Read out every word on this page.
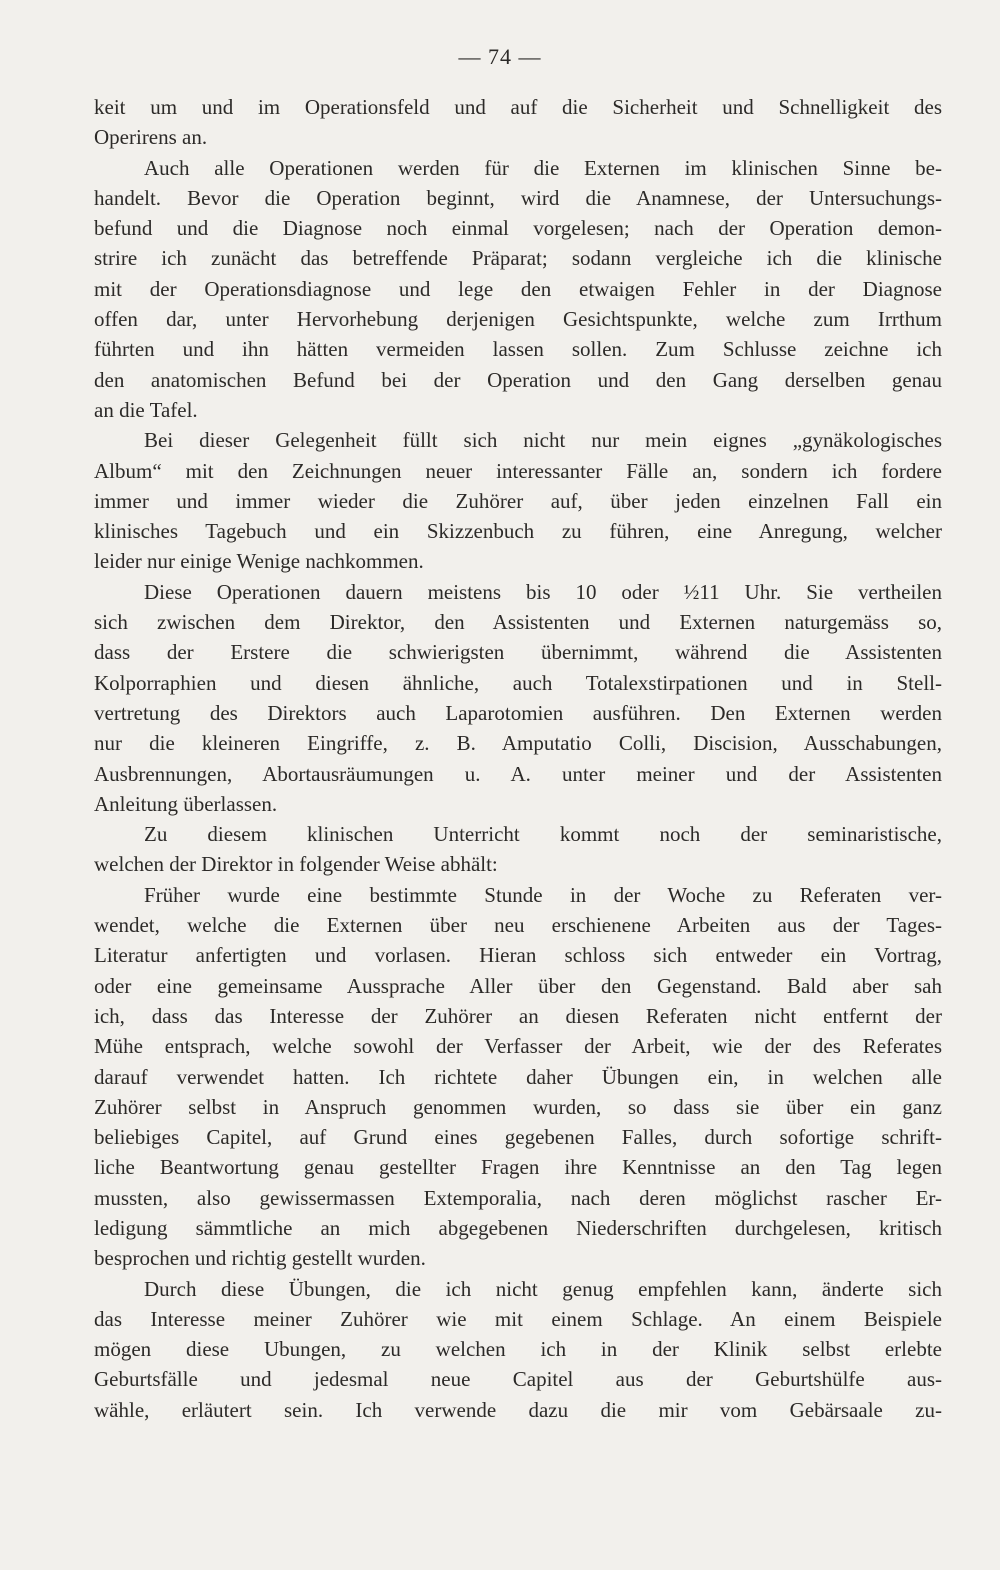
— 74 —
keit um und im Operationsfeld und auf die Sicherheit und Schnelligkeit des
Operirens an.
Auch alle Operationen werden für die Externen im klinischen Sinne be-
handelt. Bevor die Operation beginnt, wird die Anamnese, der Untersuchungs-
befund und die Diagnose noch einmal vorgelesen; nach der Operation demon-
strire ich zunächt das betreffende Präparat; sodann vergleiche ich die klinische
mit der Operationsdiagnose und lege den etwaigen Fehler in der Diagnose
offen dar, unter Hervorhebung derjenigen Gesichtspunkte, welche zum Irrthum
führten und ihn hätten vermeiden lassen sollen. Zum Schlusse zeichne ich
den anatomischen Befund bei der Operation und den Gang derselben genau
an die Tafel.
Bei dieser Gelegenheit füllt sich nicht nur mein eignes „gynäkologisches
Album“ mit den Zeichnungen neuer interessanter Fälle an, sondern ich fordere
immer und immer wieder die Zuhörer auf, über jeden einzelnen Fall ein
klinisches Tagebuch und ein Skizzenbuch zu führen, eine Anregung, welcher
leider nur einige Wenige nachkommen.
Diese Operationen dauern meistens bis 10 oder ½11 Uhr. Sie vertheilen
sich zwischen dem Direktor, den Assistenten und Externen naturgemäss so,
dass der Erstere die schwierigsten übernimmt, während die Assistenten
Kolporraphien und diesen ähnliche, auch Totalexstirpationen und in Stell-
vertretung des Direktors auch Laparotomien ausführen. Den Externen werden
nur die kleineren Eingriffe, z. B. Amputatio Colli, Discision, Ausschabungen,
Ausbrennungen, Abortausräumungen u. A. unter meiner und der Assistenten
Anleitung überlassen.
Zu diesem klinischen Unterricht kommt noch der seminaristische,
welchen der Direktor in folgender Weise abhält:
Früher wurde eine bestimmte Stunde in der Woche zu Referaten ver-
wendet, welche die Externen über neu erschienene Arbeiten aus der Tages-
Literatur anfertigten und vorlasen. Hieran schloss sich entweder ein Vortrag,
oder eine gemeinsame Aussprache Aller über den Gegenstand. Bald aber sah
ich, dass das Interesse der Zuhörer an diesen Referaten nicht entfernt der
Mühe entsprach, welche sowohl der Verfasser der Arbeit, wie der des Referates
darauf verwendet hatten. Ich richtete daher Übungen ein, in welchen alle
Zuhörer selbst in Anspruch genommen wurden, so dass sie über ein ganz
beliebiges Capitel, auf Grund eines gegebenen Falles, durch sofortige schrift-
liche Beantwortung genau gestellter Fragen ihre Kenntnisse an den Tag legen
mussten, also gewissermassen Extemporalia, nach deren möglichst rascher Er-
ledigung sämmtliche an mich abgegebenen Niederschriften durchgelesen, kritisch
besprochen und richtig gestellt wurden.
Durch diese Übungen, die ich nicht genug empfehlen kann, änderte sich
das Interesse meiner Zuhörer wie mit einem Schlage. An einem Beispiele
mögen diese Ubungen, zu welchen ich in der Klinik selbst erlebte
Geburtsfälle und jedesmal neue Capitel aus der Geburtshülfe aus-
wähle, erläutert sein. Ich verwende dazu die mir vom Gebärsaale zu-
